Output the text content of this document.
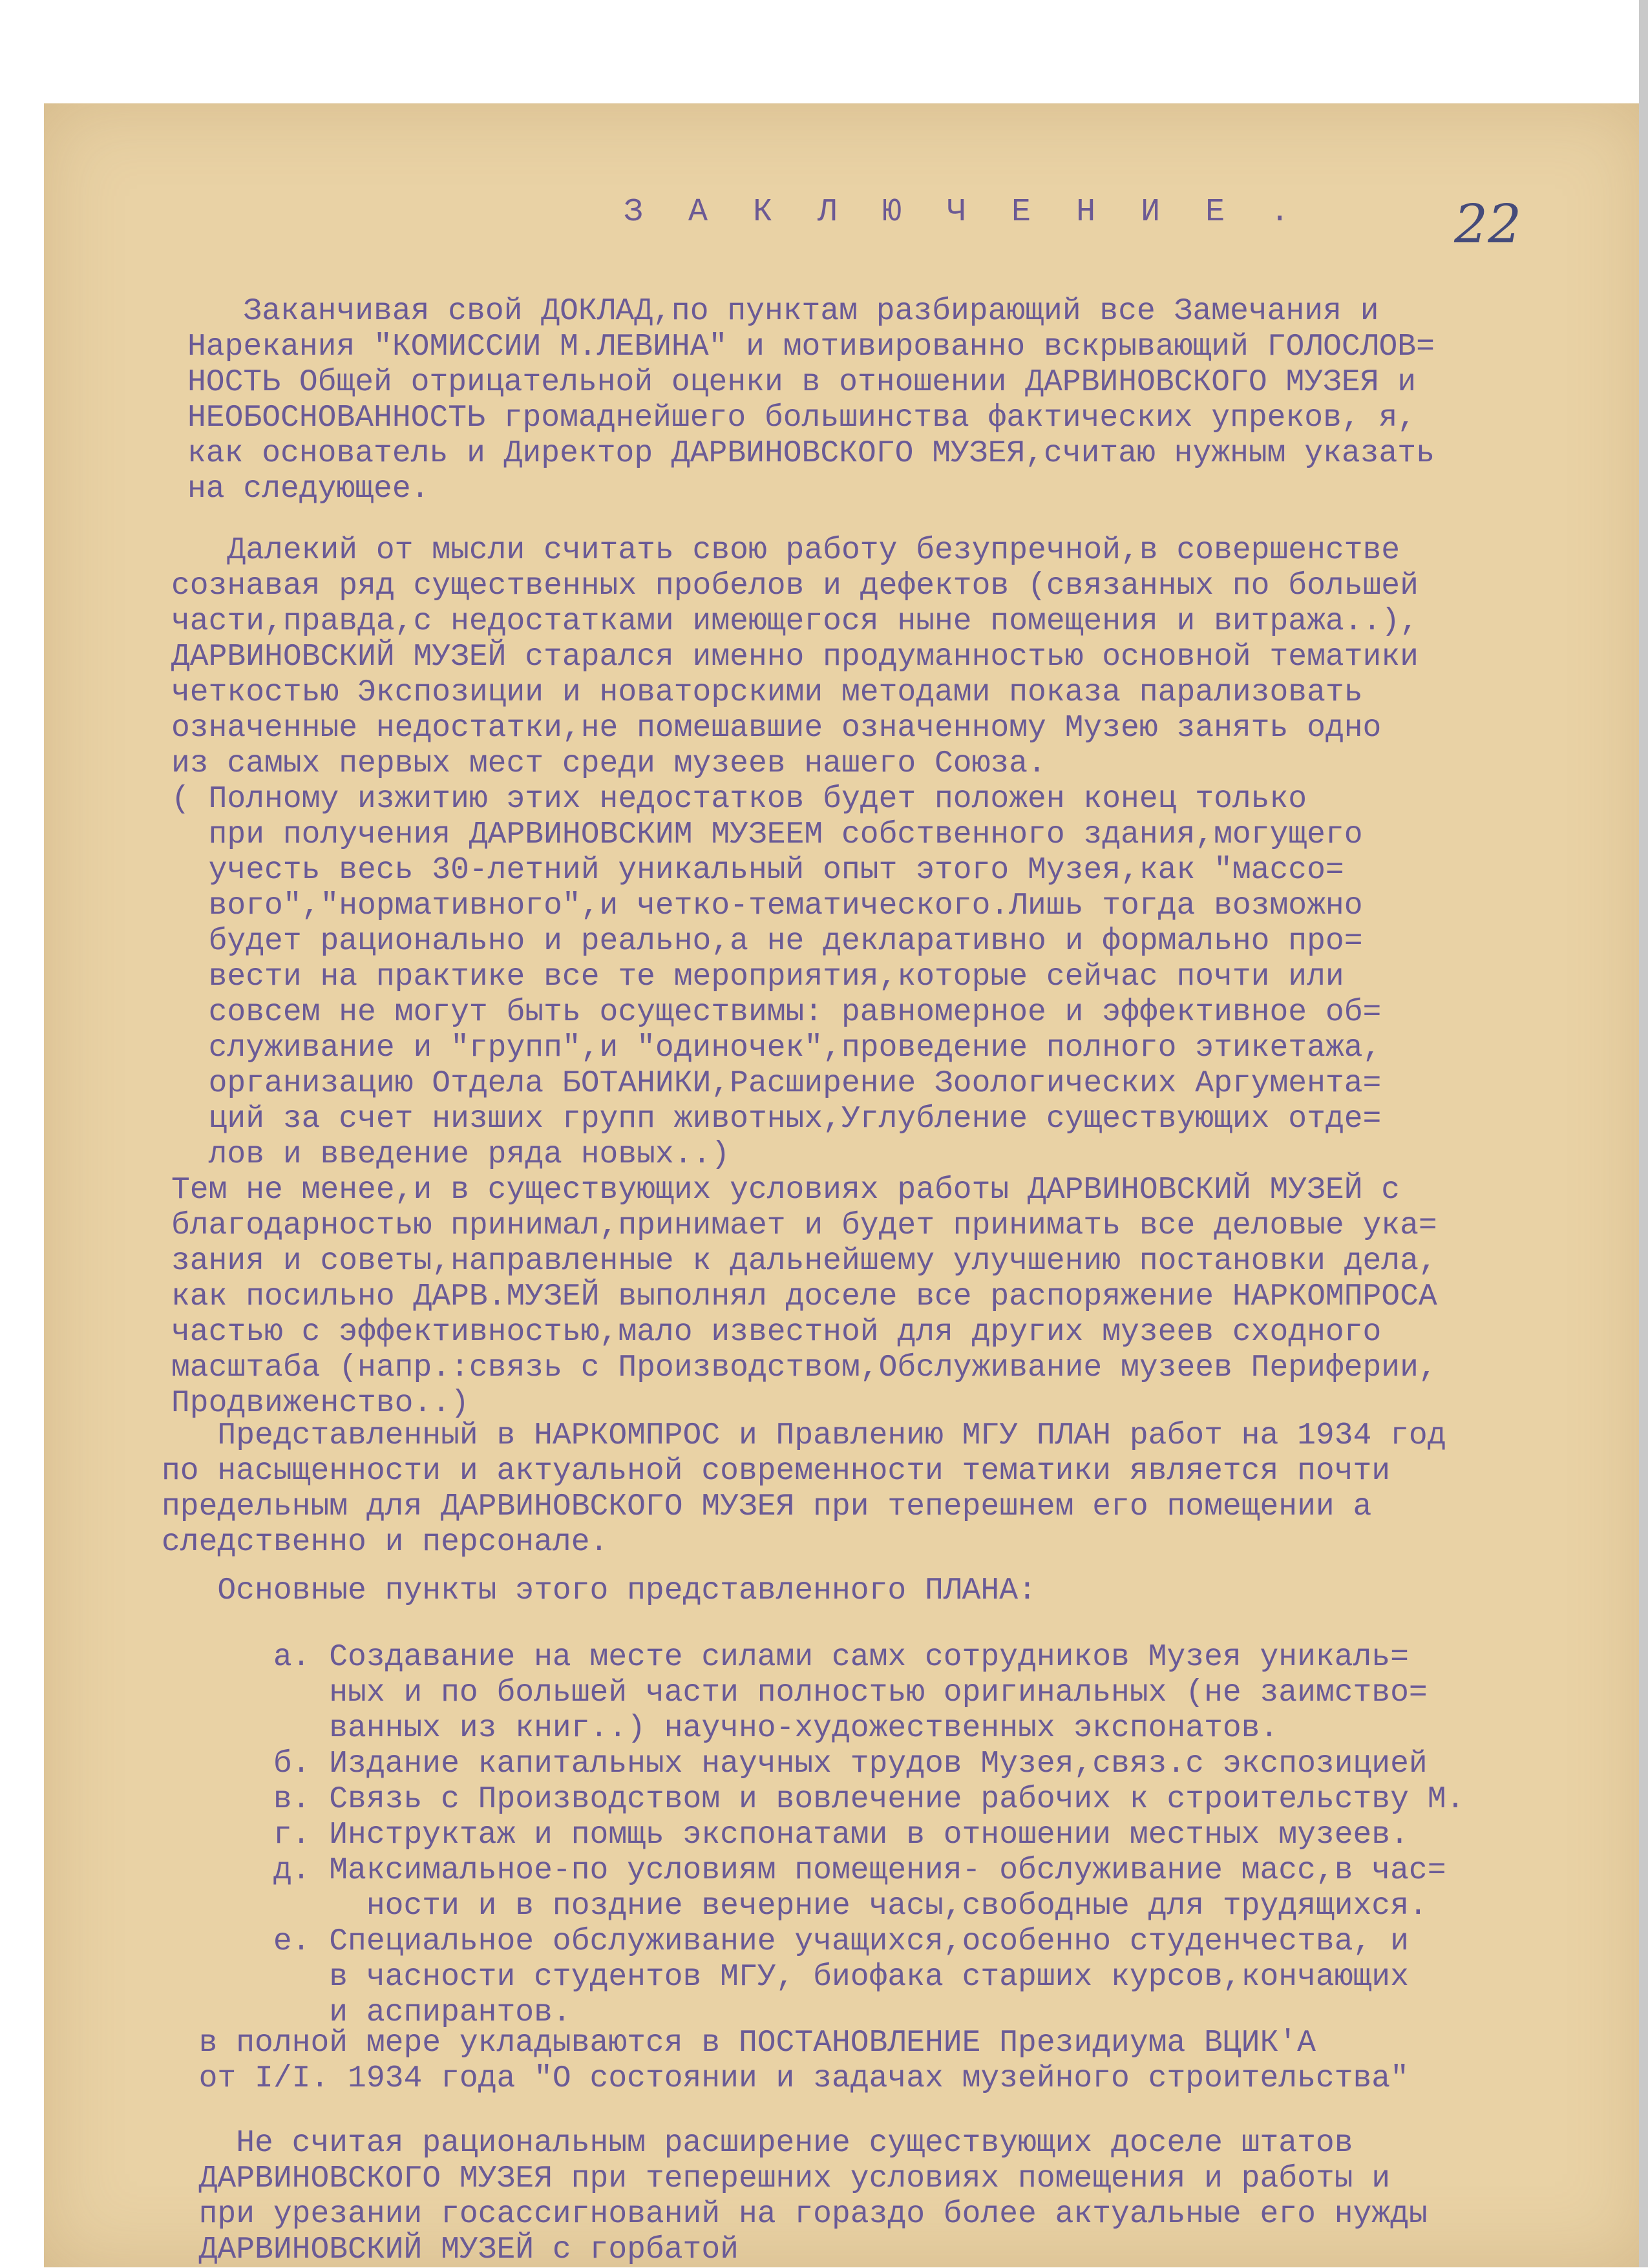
З А К Л Ю Ч Е Н И Е .	22
Заканчивая свой ДОКЛАД,по пунктам разбирающий все Замечания и
Нарекания "КОМИССИИ М.ЛЕВИНА" и мотивированно вскрывающий ГОЛОСЛОВ=
НОСТЬ Общей отрицательной оценки в отношении ДАРВИНОВСКОГО МУЗЕЯ и
НЕОБОСНОВАННОСТЬ громаднейшего большинства фактических упреков, я,
как основатель и Директор ДАРВИНОВСКОГО МУЗЕЯ,считаю нужным указать
на следующее.
Далекий от мысли считать свою работу безупречной,в совершенстве
сознавая ряд существенных пробелов и дефектов (связанных по большей
части,правда,с недостатками имеющегося ныне помещения и витража..),
ДАРВИНОВСКИЙ МУЗЕЙ старался именно продуманностью основной тематики
четкостью Экспозиции и новаторскими методами показа парализовать
означенные недостатки,не помешавшие означенному Музею занять одно
из самых первых мест среди музеев нашего Союза.
( Полному изжитию этих недостатков будет положен конец только
при получения ДАРВИНОВСКИМ МУЗЕЕМ собственного здания,могущего
учесть весь 30-летний уникальный опыт этого Музея,как "массо=
вого","нормативного",и четко-тематического.Лишь тогда возможно
будет рационально и реально,а не декларативно и формально про=
вести на практике все те мероприятия,которые сейчас почти или
совсем не могут быть осуществимы: равномерное и эффективное об=
служивание и "групп",и "одиночек",проведение полного этикетажа,
организацию Отдела БОТАНИКИ,Расширение Зоологических Аргумента=
ций за счет низших групп животных,Углубление существующих отде=
лов и введение ряда новых..)
Тем не менее,и в существующих условиях работы ДАРВИНОВСКИЙ МУЗЕЙ с
благодарностью принимал,принимает и будет принимать все деловые ука=
зания и советы,направленные к дальнейшему улучшению постановки дела,
как посильно ДАРВ.МУЗЕЙ выполнял доселе все распоряжение НАРКОМПРОСА
частью с эффективностью,мало известной для других музеев сходного
масштаба (напр.:связь с Производством,Обслуживание музеев Периферии,
Продвиженство..)
Представленный в НАРКОМПРОС и Правлению МГУ ПЛАН работ на 1934 год
по насыщенности и актуальной современности тематики является почти
предельным для ДАРВИНОВСКОГО МУЗЕЯ при теперешнем его помещении а
следственно и персонале.
Основные пункты этого представленного ПЛАНА:
а. Создавание на месте силами самх сотрудников Музея уникаль=
ных и по большей части полностью оригинальных (не заимство=
ванных из книг..) научно-художественных экспонатов.
б. Издание капитальных научных трудов Музея,связ.с экспозицией
в. Связь с Производством и вовлечение рабочих к строительству М.
г. Инструктаж и помщь экспонатами в отношении местных музеев.
д. Максимальное-по условиям помещения- обслуживание масс,в час=
ности и в поздние вечерние часы,свободные для трудящихся.
е. Специальное обслуживание учащихся,особенно студенчества, и
в часности студентов МГУ, биофака старших курсов,кончающих
и аспирантов.
в полной мере укладываются в ПОСТАНОВЛЕНИЕ Президиума ВЦИК'А
от I/I. 1934 года "О состоянии и задачах музейного строительства"
Не считая рациональным расширение существующих доселе штатов
ДАРВИНОВСКОГО МУЗЕЯ при теперешних условиях помещения и работы и
при урезании госассигнований на гораздо более актуальные его нужды
ДАРВИНОВСКИЙ МУЗЕЙ с горбатой
